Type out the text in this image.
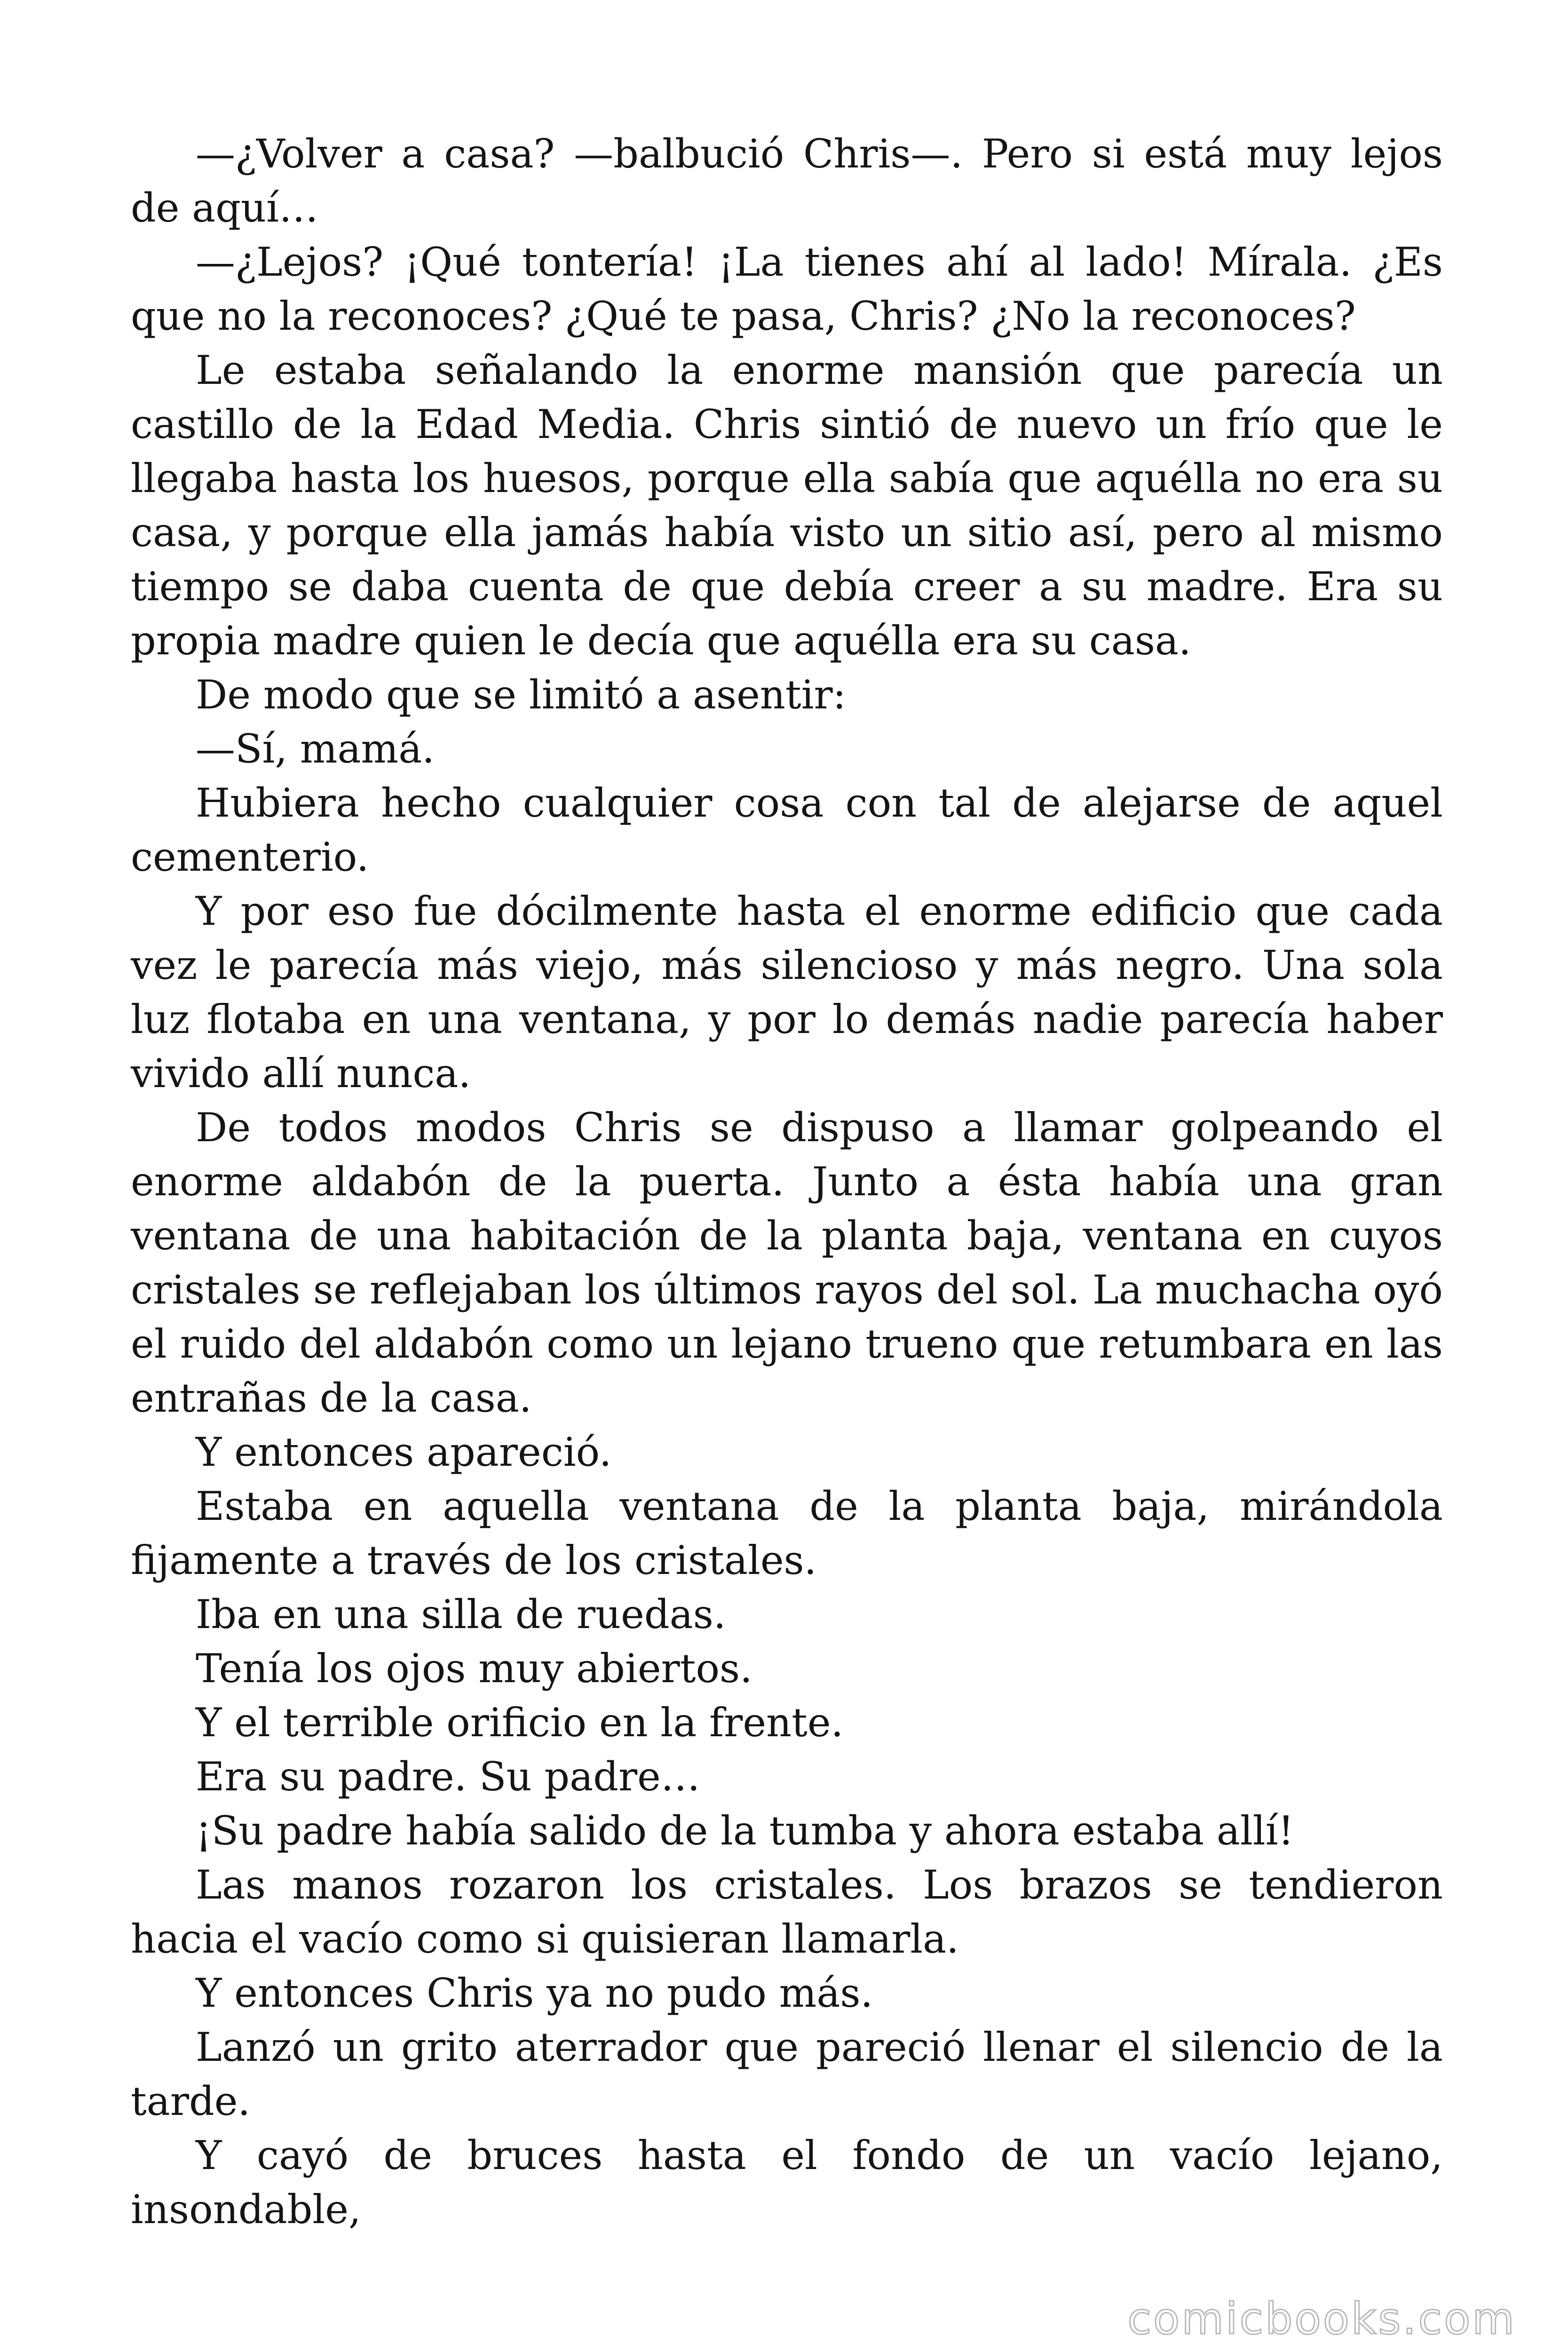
—¿Volver a casa? —balbució Chris—. Pero si está muy lejos de aquí…

—¿Lejos? ¡Qué tontería! ¡La tienes ahí al lado! Mírala. ¿Es que no la reconoces? ¿Qué te pasa, Chris? ¿No la reconoces?

Le estaba señalando la enorme mansión que parecía un castillo de la Edad Media. Chris sintió de nuevo un frío que le llegaba hasta los huesos, porque ella sabía que aquélla no era su casa, y porque ella jamás había visto un sitio así, pero al mismo tiempo se daba cuenta de que debía creer a su madre. Era su propia madre quien le decía que aquélla era su casa.

De modo que se limitó a asentir:

—Sí, mamá.

Hubiera hecho cualquier cosa con tal de alejarse de aquel cementerio.

Y por eso fue dócilmente hasta el enorme edificio que cada vez le parecía más viejo, más silencioso y más negro. Una sola luz flotaba en una ventana, y por lo demás nadie parecía haber vivido allí nunca.

De todos modos Chris se dispuso a llamar golpeando el enorme aldabón de la puerta. Junto a ésta había una gran ventana de una habitación de la planta baja, ventana en cuyos cristales se reflejaban los últimos rayos del sol. La muchacha oyó el ruido del aldabón como un lejano trueno que retumbara en las entrañas de la casa.

Y entonces apareció.

Estaba en aquella ventana de la planta baja, mirándola fijamente a través de los cristales.

Iba en una silla de ruedas.

Tenía los ojos muy abiertos.

Y el terrible orificio en la frente.

Era su padre. Su padre…

¡Su padre había salido de la tumba y ahora estaba allí!

Las manos rozaron los cristales. Los brazos se tendieron hacia el vacío como si quisieran llamarla.

Y entonces Chris ya no pudo más.

Lanzó un grito aterrador que pareció llenar el silencio de la tarde.

Y cayó de bruces hasta el fondo de un vacío lejano, insondable,

comicbooks.com
